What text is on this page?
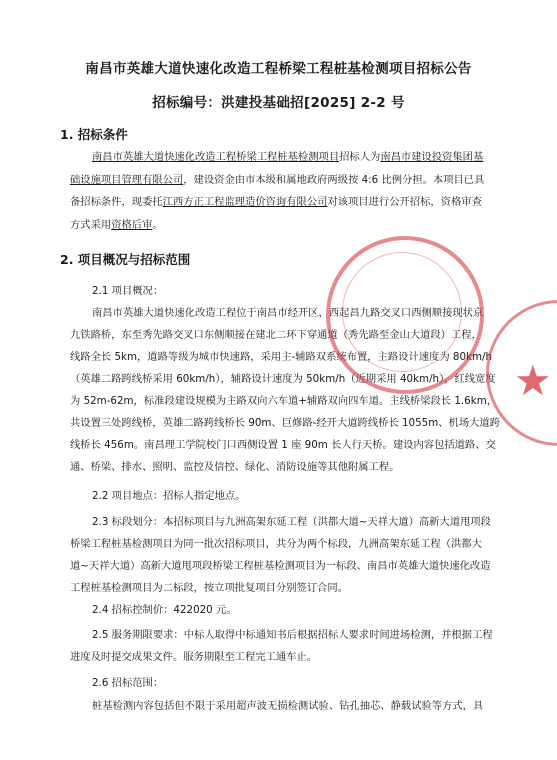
南昌市英雄大道快速化改造工程桥梁工程桩基检测项目招标公告
招标编号：洪建投基础招[2025] 2-2 号
1. 招标条件
南昌市英雄大道快速化改造工程桥梁工程桩基检测项目招标人为南昌市建设投资集团基
础设施项目管理有限公司，建设资金由市本级和属地政府两级按 4:6 比例分担。本项目已具
备招标条件，现委托江西方正工程监理造价咨询有限公司对该项目进行公开招标，资格审查
方式采用资格后审。
2. 项目概况与招标范围
2.1 项目概况：
南昌市英雄大道快速化改造工程位于南昌市经开区，西起昌九路交叉口西侧顺接现状京
九铁路桥，东至秀先路交叉口东侧顺接在建北二环下穿通道（秀先路至金山大道段）工程，
线路全长 5km，道路等级为城市快速路，采用主-辅路双系统布置，主路设计速度为 80km/h
（英雄二路跨线桥采用 60km/h），辅路设计速度为 50km/h（近期采用 40km/h），红线宽度
为 52m-62m，标准段建设规模为主路双向六车道+辅路双向四车道。主线桥梁段长 1.6km，
共设置三处跨线桥，英雄二路跨线桥长 90m、巨修路-经开大道跨线桥长 1055m、机场大道跨
线桥长 456m。南昌理工学院校门口西侧设置 1 座 90m 长人行天桥。建设内容包括道路、交
通、桥梁、排水、照明、监控及信控、绿化、消防设施等其他附属工程。
2.2 项目地点：招标人指定地点。
2.3 标段划分：本招标项目与九洲高架东延工程（洪都大道~天祥大道）高新大道甩项段
桥梁工程桩基检测项目为同一批次招标项目，共分为两个标段，九洲高架东延工程（洪都大
道~天祥大道）高新大道甩项段桥梁工程桩基检测项目为一标段、南昌市英雄大道快速化改造
工程桩基检测项目为二标段，按立项批复项目分别签订合同。
2.4 招标控制价：422020 元。
2.5 服务期限要求：中标人取得中标通知书后根据招标人要求时间进场检测，并根据工程
进度及时提交成果文件。服务期限至工程完工通车止。
2.6 招标范围：
桩基检测内容包括但不限于采用超声波无损检测试验、钻孔抽芯、静载试验等方式，具
★
